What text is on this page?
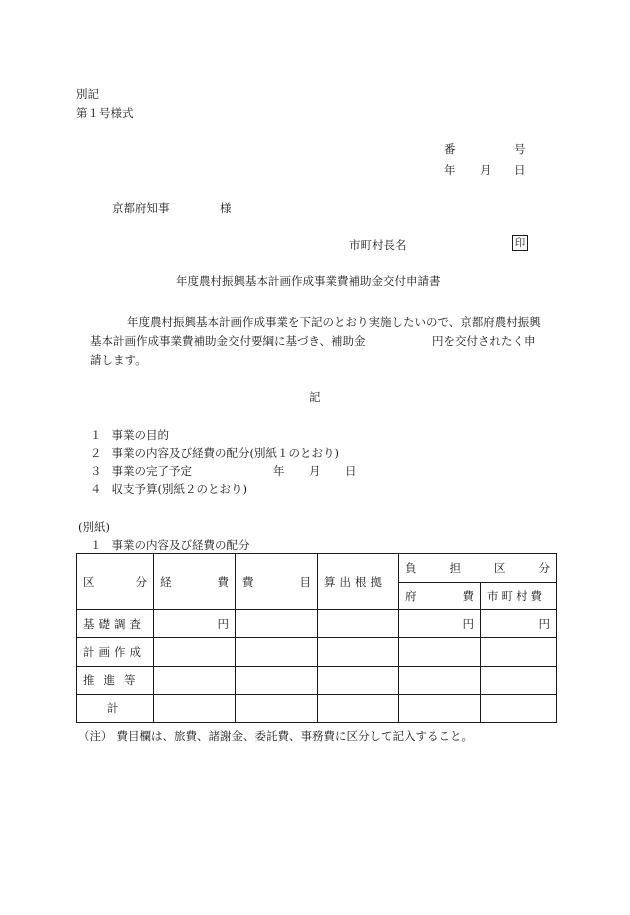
別記
第１号様式
番	号
年 月 日
京都府知事	様
市町村長名	印
年度農村振興基本計画作成事業費補助金交付申請書
年度農村振興基本計画作成事業を下記のとおり実施したいので、京都府農村振興
基本計画作成事業費補助金交付要綱に基づき、補助金	円を交付されたく申
請します。
記
１ 事業の目的
２ 事業の内容及び経費の配分(別紙１のとおり)
３ 事業の完了予定	年 月 日
４ 収支予算(別紙２のとおり)
(別紙)
１ 事業の内容及び経費の配分
区 分	経 費	費 目	算出根拠	負 担 区 分	

				府 費	市町村費
基礎調査	円			円	円
計画作成					
推進等					
計					
（注） 費目欄は、旅費、諸謝金、委託費、事務費に区分して記入すること。
